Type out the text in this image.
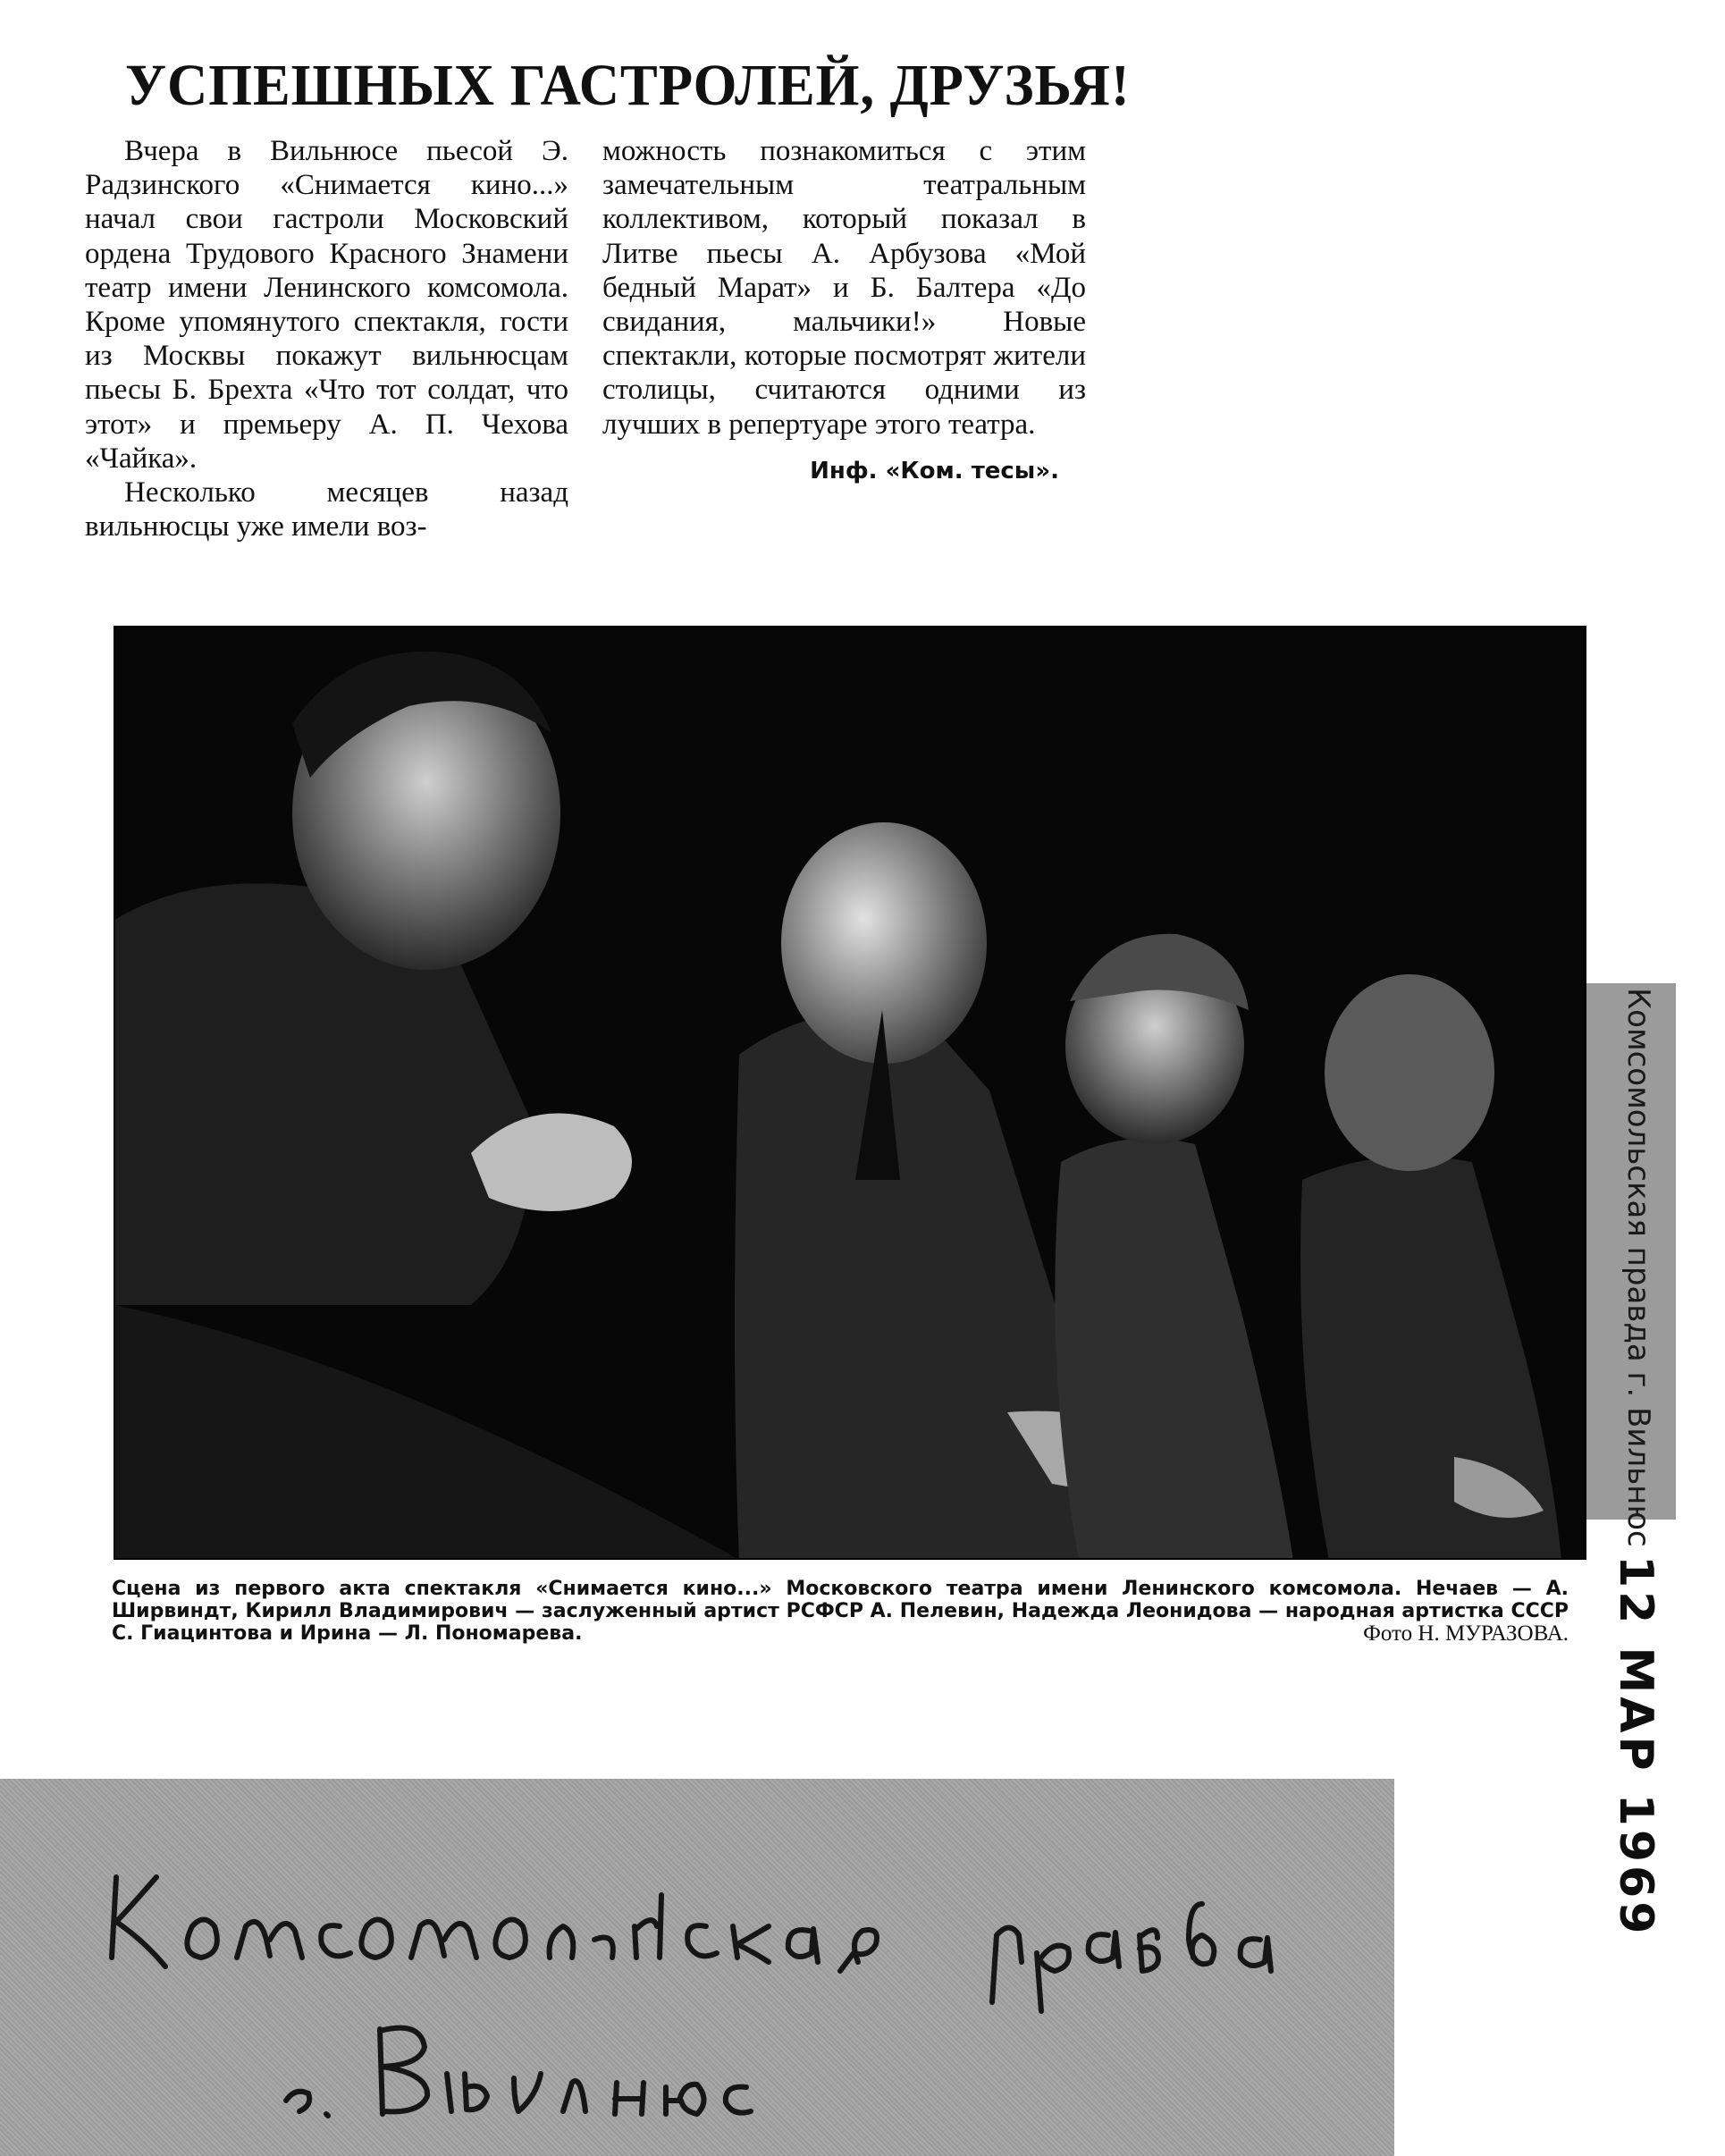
УСПЕШНЫХ ГАСТРОЛЕЙ, ДРУЗЬЯ!

Вчера в Вильнюсе пьесой Э. Радзинского «Снимается кино...» начал свои гастроли Московский ордена Трудового Красного Знамени театр имени Ленинского комсомола. Кроме упомянутого спектакля, гости из Москвы покажут вильнюсцам пьесы Б. Брехта «Что тот солдат, что этот» и премьеру А. П. Чехова «Чайка».

Несколько месяцев назад вильнюсцы уже имели воз-

можность познакомиться с этим замечательным театральным коллективом, который показал в Литве пьесы А. Арбузова «Мой бедный Марат» и Б. Балтера «До свидания, мальчики!» Новые спектакли, которые посмотрят жители столицы, считаются одними из лучших в репертуаре этого театра.

Инф. «Ком. тесы».
Сцена из первого акта спектакля «Снимается кино...» Московского театра имени Ленинского комсомола. Нечаев — А. Ширвиндт, Кирилл Владимирович — заслуженный артист РСФСР А. Пелевин, Надежда Леонидова — народная артистка СССР С. Гиацинтова и Ирина — Л. Пономарева.	Фото Н. МУРАЗОВА.
Комсомольская правда г. Вильнюс
12 МАР 1969
